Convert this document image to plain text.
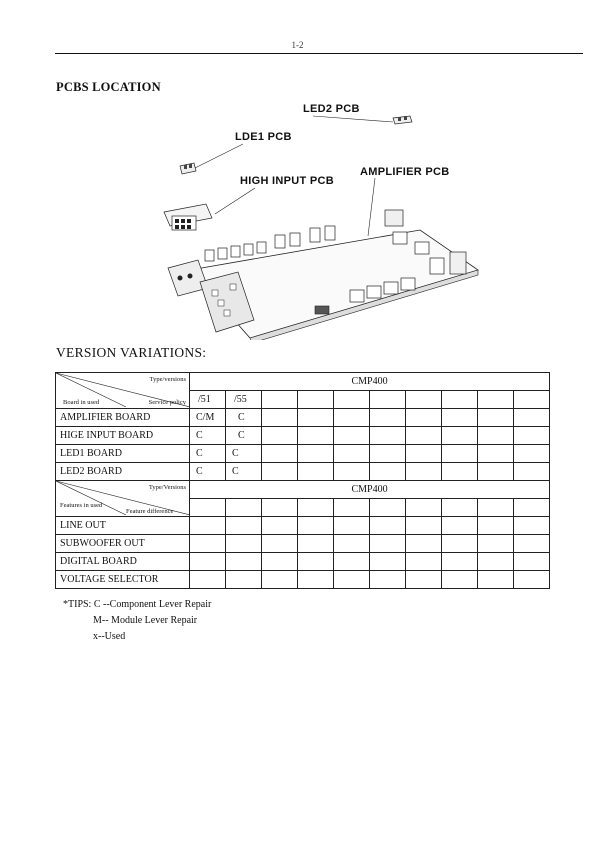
1-2
PCBS LOCATION
LED2 PCB
LDE1 PCB
HIGH INPUT PCB
AMPLIFIER PCB
VERSION VARIATIONS:
Type/versions
Board in used Service policy	CMP400									
	/51	/55								
AMPLIFIER BOARD	C/M	C								
HIGE INPUT BOARD	C	C								
LED1 BOARD	C	C								
LED2 BOARD	C	C								

Type/Versions
Features in used
Feature difference	CMP400									

LINE OUT										
SUBWOOFER OUT										
DIGITAL BOARD										
VOLTAGE SELECTOR										
*TIPS: C --Component Lever Repair
M-- Module Lever Repair
x--Used
